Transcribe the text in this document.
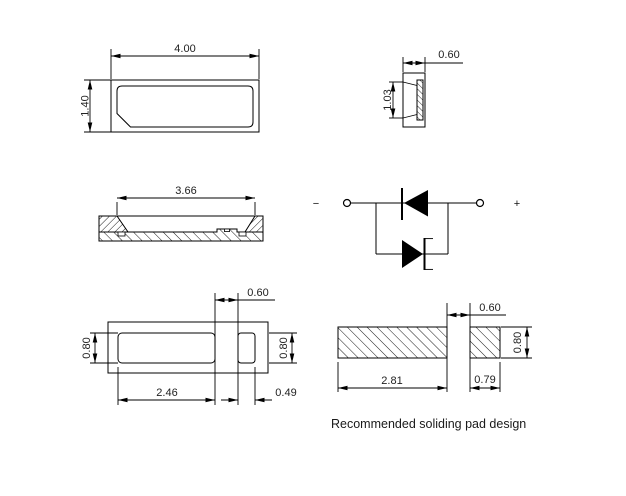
4.00
1.40
0.60
1.03
3.66
−	+
0.60
0.80	0.80
2.46	0.49
0.60
0.80
2.81	0.79
Recommended soliding pad design
